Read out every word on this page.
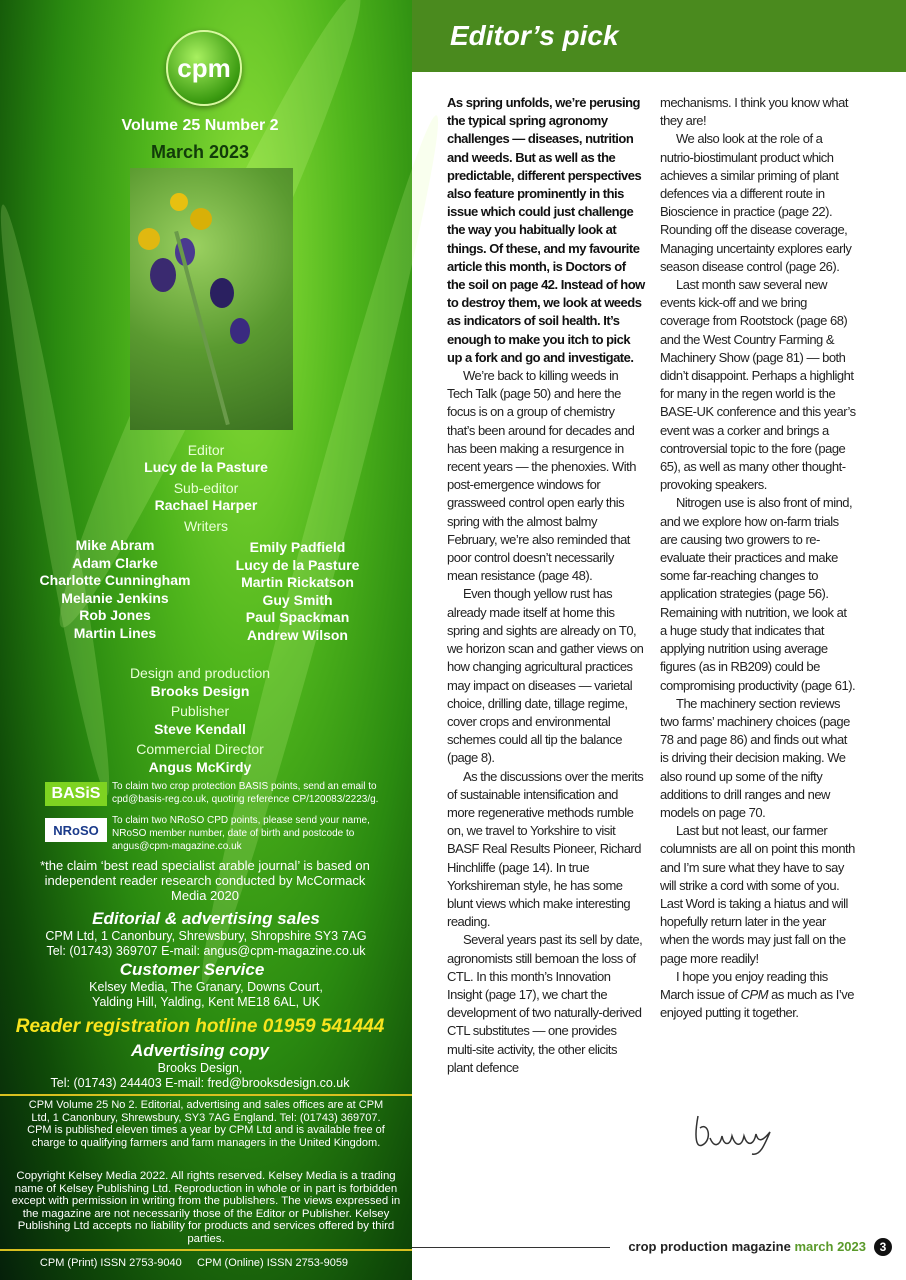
cpm
Volume 25 Number 2
March 2023
Editor
Lucy de la Pasture
Sub-editor
Rachael Harper
Writers
Mike Abram
Adam Clarke
Charlotte Cunningham
Melanie Jenkins
Rob Jones
Martin Lines
Emily Padfield
Lucy de la Pasture
Martin Rickatson
Guy Smith
Paul Spackman
Andrew Wilson
Design and production
Brooks Design
Publisher
Steve Kendall
Commercial Director
Angus McKirdy
BASiS	To claim two crop protection BASIS points, send an email to cpd@basis-reg.co.uk, quoting reference CP/120083/2223/g.
NRoSO
To claim two NRoSO CPD points, please send your name, NRoSO member number, date of birth and postcode to angus@cpm-magazine.co.uk
*the claim ‘best read specialist arable journal’ is based on independent reader research conducted by McCormack Media 2020
Editorial & advertising sales
CPM Ltd, 1 Canonbury, Shrewsbury, Shropshire SY3 7AG
Tel: (01743) 369707 E-mail: angus@cpm-magazine.co.uk
Customer Service
Kelsey Media, The Granary, Downs Court,
Yalding Hill, Yalding, Kent ME18 6AL, UK
Reader registration hotline 01959 541444
Advertising copy
Brooks Design,
Tel: (01743) 244403 E-mail: fred@brooksdesign.co.uk
CPM Volume 25 No 2. Editorial, advertising and sales offices are at CPM Ltd, 1 Canonbury, Shrewsbury, SY3 7AG England. Tel: (01743) 369707. CPM is published eleven times a year by CPM Ltd and is available free of charge to qualifying farmers and farm managers in the United Kingdom.
Copyright Kelsey Media 2022. All rights reserved. Kelsey Media is a trading name of Kelsey Publishing Ltd. Reproduction in whole or in part is forbidden except with permission in writing from the publishers. The views expressed in the magazine are not necessarily those of the Editor or Publisher. Kelsey Publishing Ltd accepts no liability for products and services offered by third parties.
CPM (Print) ISSN 2753-9040     CPM (Online) ISSN 2753-9059
Editor’s pick

As spring unfolds, we’re perusing the typical spring agronomy challenges — diseases, nutrition and weeds. But as well as the predictable, different perspectives also feature prominently in this issue which could just challenge the way you habitually look at things. Of these, and my favourite article this month, is Doctors of the soil on page 42. Instead of how to destroy them, we look at weeds as indicators of soil health. It’s enough to make you itch to pick up a fork and go and investigate.

We’re back to killing weeds in Tech Talk (page 50) and here the focus is on a group of chemistry that’s been around for decades and has been making a resurgence in recent years — the phenoxies. With post-emergence windows for grassweed control open early this spring with the almost balmy February, we’re also reminded that poor control doesn’t necessarily mean resistance (page 48).

Even though yellow rust has already made itself at home this spring and sights are already on T0, we horizon scan and gather views on how changing agricultural practices may impact on diseases — varietal choice, drilling date, tillage regime, cover crops and environmental schemes could all tip the balance (page 8).

As the discussions over the merits of sustainable intensification and more regenerative methods rumble on, we travel to Yorkshire to visit BASF Real Results Pioneer, Richard Hinchliffe (page 14). In true Yorkshireman style, he has some blunt views which make interesting reading.

Several years past its sell by date, agronomists still bemoan the loss of CTL. In this month’s Innovation Insight (page 17), we chart the development of two naturally-derived CTL substitutes — one provides multi-site activity, the other elicits plant defence

mechanisms. I think you know what they are!

We also look at the role of a nutrio-biostimulant product which achieves a similar priming of plant defences via a different route in Bioscience in practice (page 22). Rounding off the disease coverage, Managing uncertainty explores early season disease control (page 26).

Last month saw several new events kick-off and we bring coverage from Rootstock (page 68) and the West Country Farming & Machinery Show (page 81) — both didn’t disappoint. Perhaps a highlight for many in the regen world is the BASE-UK conference and this year’s event was a corker and brings a controversial topic to the fore (page 65), as well as many other thought-provoking speakers.

Nitrogen use is also front of mind, and we explore how on-farm trials are causing two growers to re-evaluate their practices and make some far-reaching changes to application strategies (page 56). Remaining with nutrition, we look at a huge study that indicates that applying nutrition using average figures (as in RB209) could be compromising productivity (page 61).

The machinery section reviews two farms’ machinery choices (page 78 and page 86) and finds out what is driving their decision making. We also round up some of the nifty additions to drill ranges and new models on page 70.

Last but not least, our farmer columnists are all on point this month and I’m sure what they have to say will strike a cord with some of you. Last Word is taking a hiatus and will hopefully return later in the year when the words may just fall on the page more readily!

I hope you enjoy reading this March issue of CPM as much as I’ve enjoyed putting it together.

crop production magazine march 2023	3
